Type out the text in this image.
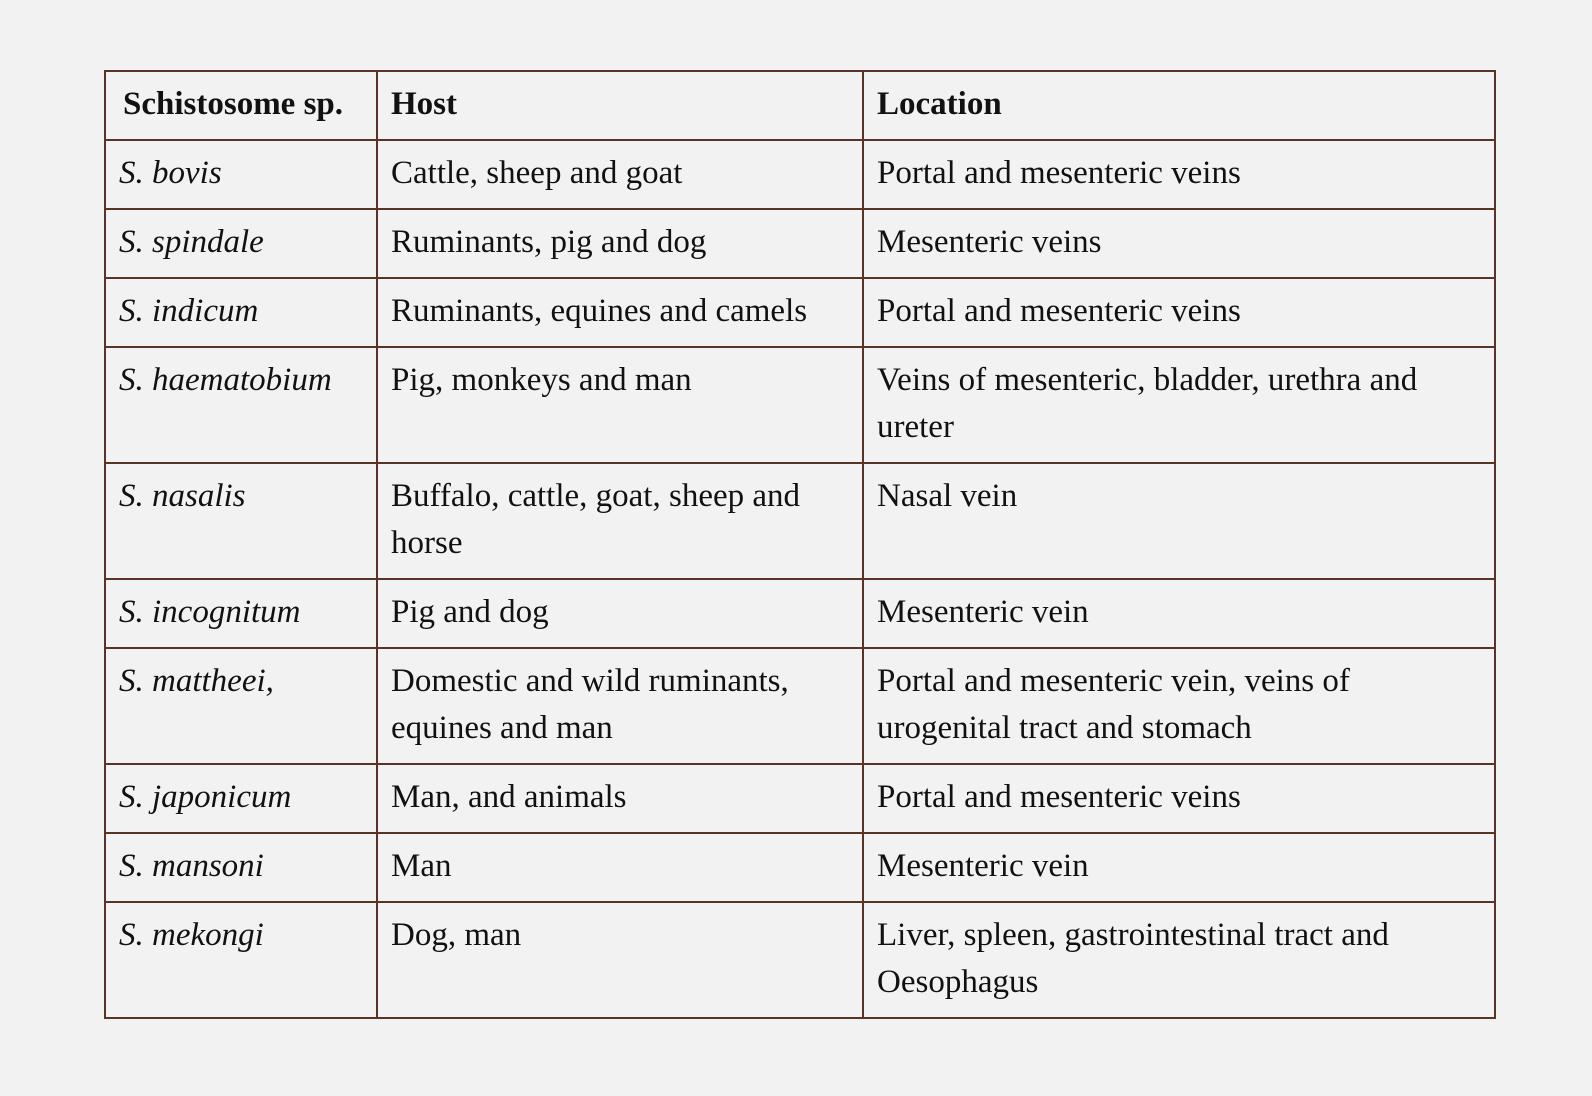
Schistosome sp.	Host	Location
S. bovis	Cattle, sheep and goat	Portal and mesenteric veins
S. spindale	Ruminants, pig and dog	Mesenteric veins
S. indicum	Ruminants, equines and camels	Portal and mesenteric veins
S. haematobium	Pig, monkeys and man	Veins of mesenteric, bladder, urethra and ureter
S. nasalis	Buffalo, cattle, goat, sheep and horse	Nasal vein
S. incognitum	Pig and dog	Mesenteric vein
S. mattheei,	Domestic and wild ruminants, equines and man	Portal and mesenteric vein, veins of urogenital tract and stomach
S. japonicum	Man, and animals	Portal and mesenteric veins
S. mansoni	Man	Mesenteric vein
S. mekongi	Dog, man	Liver, spleen, gastrointestinal tract and Oesophagus
